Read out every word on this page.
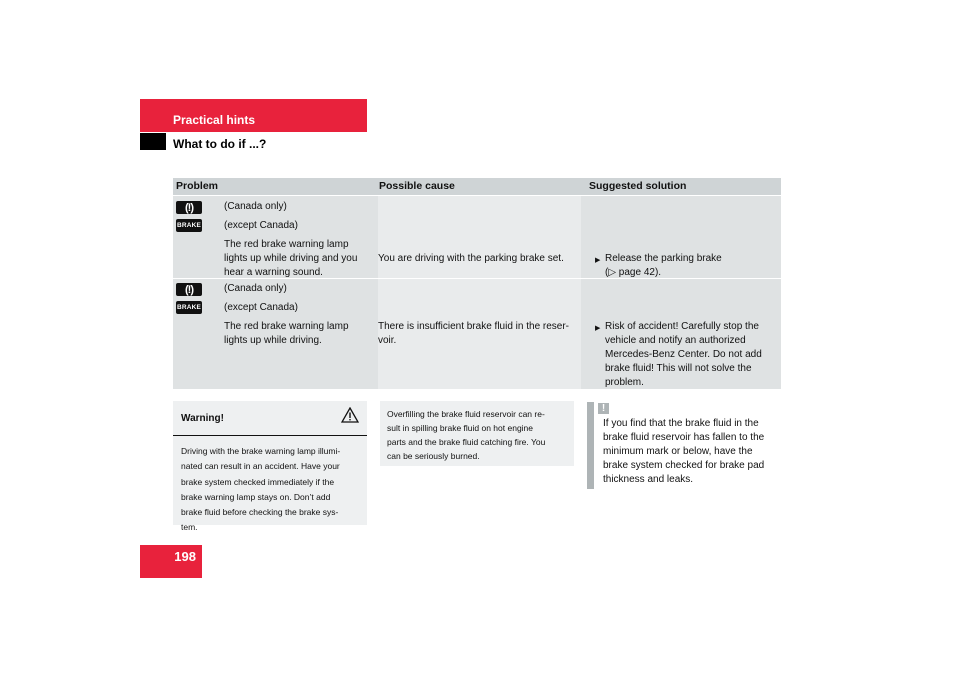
Practical hints
What to do if ...?
Problem	Possible cause	Suggested solution
(!)	(Canada only)
BRAKE (except Canada)
The red brake warning lamp
lights up while driving and you
hear a warning sound.
You are driving with the parking brake set.	▶ Release the parking brake
(▷ page 42).
(!)	(Canada only)
BRAKE (except Canada)
The red brake warning lamp
lights up while driving.
There is insufficient brake fluid in the reser-
voir.
▶ Risk of accident! Carefully stop the
vehicle and notify an authorized
Mercedes-Benz Center. Do not add
brake fluid! This will not solve the
problem.
Warning!
Driving with the brake warning lamp illumi-
nated can result in an accident. Have your
brake system checked immediately if the
brake warning lamp stays on. Don’t add
brake fluid before checking the brake sys-
tem.
Overfilling the brake fluid reservoir can re-
sult in spilling brake fluid on hot engine
parts and the brake fluid catching fire. You
can be seriously burned.
!
If you find that the brake fluid in the
brake fluid reservoir has fallen to the
minimum mark or below, have the
brake system checked for brake pad
thickness and leaks.
198
